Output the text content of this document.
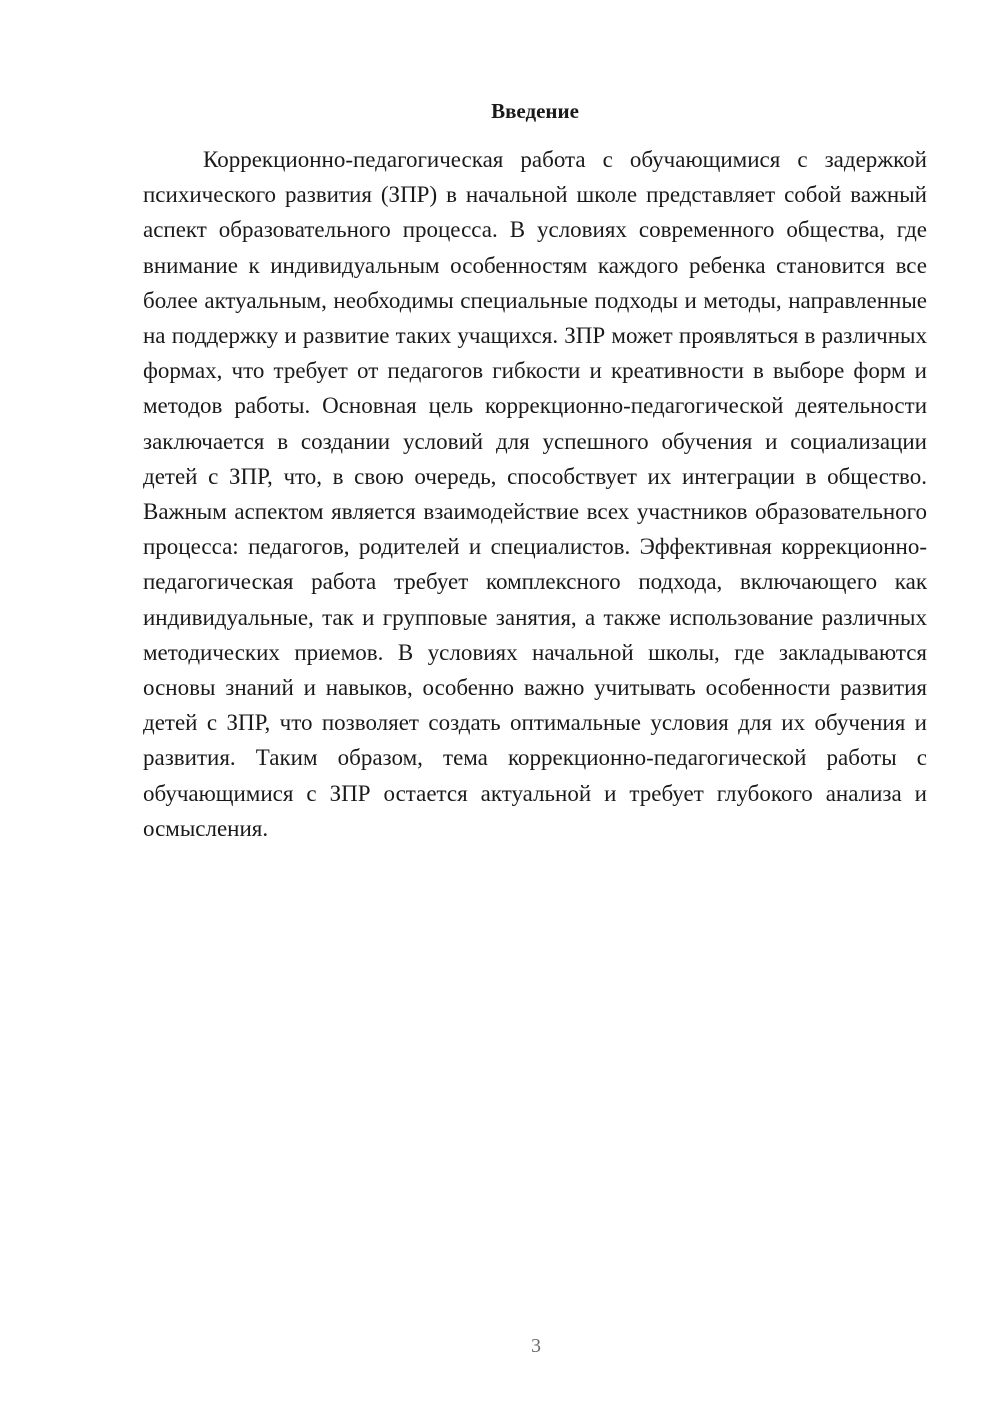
Введение

Коррекционно-педагогическая работа с обучающимися с задержкой психического развития (ЗПР) в начальной школе представляет собой важный аспект образовательного процесса. В условиях современного общества, где внимание к индивидуальным особенностям каждого ребенка становится все более актуальным, необходимы специальные подходы и методы, направленные на поддержку и развитие таких учащихся. ЗПР может проявляться в различных формах, что требует от педагогов гибкости и креативности в выборе форм и методов работы. Основная цель коррекционно-педагогической деятельности заключается в создании условий для успешного обучения и социализации детей с ЗПР, что, в свою очередь, способствует их интеграции в общество. Важным аспектом является взаимодействие всех участников образовательного процесса: педагогов, родителей и специалистов. Эффективная коррекционно-педагогическая работа требует комплексного подхода, включающего как индивидуальные, так и групповые занятия, а также использование различных методических приемов. В условиях начальной школы, где закладываются основы знаний и навыков, особенно важно учитывать особенности развития детей с ЗПР, что позволяет создать оптимальные условия для их обучения и развития. Таким образом, тема коррекционно-педагогической работы с обучающимися с ЗПР остается актуальной и требует глубокого анализа и осмысления.

3
